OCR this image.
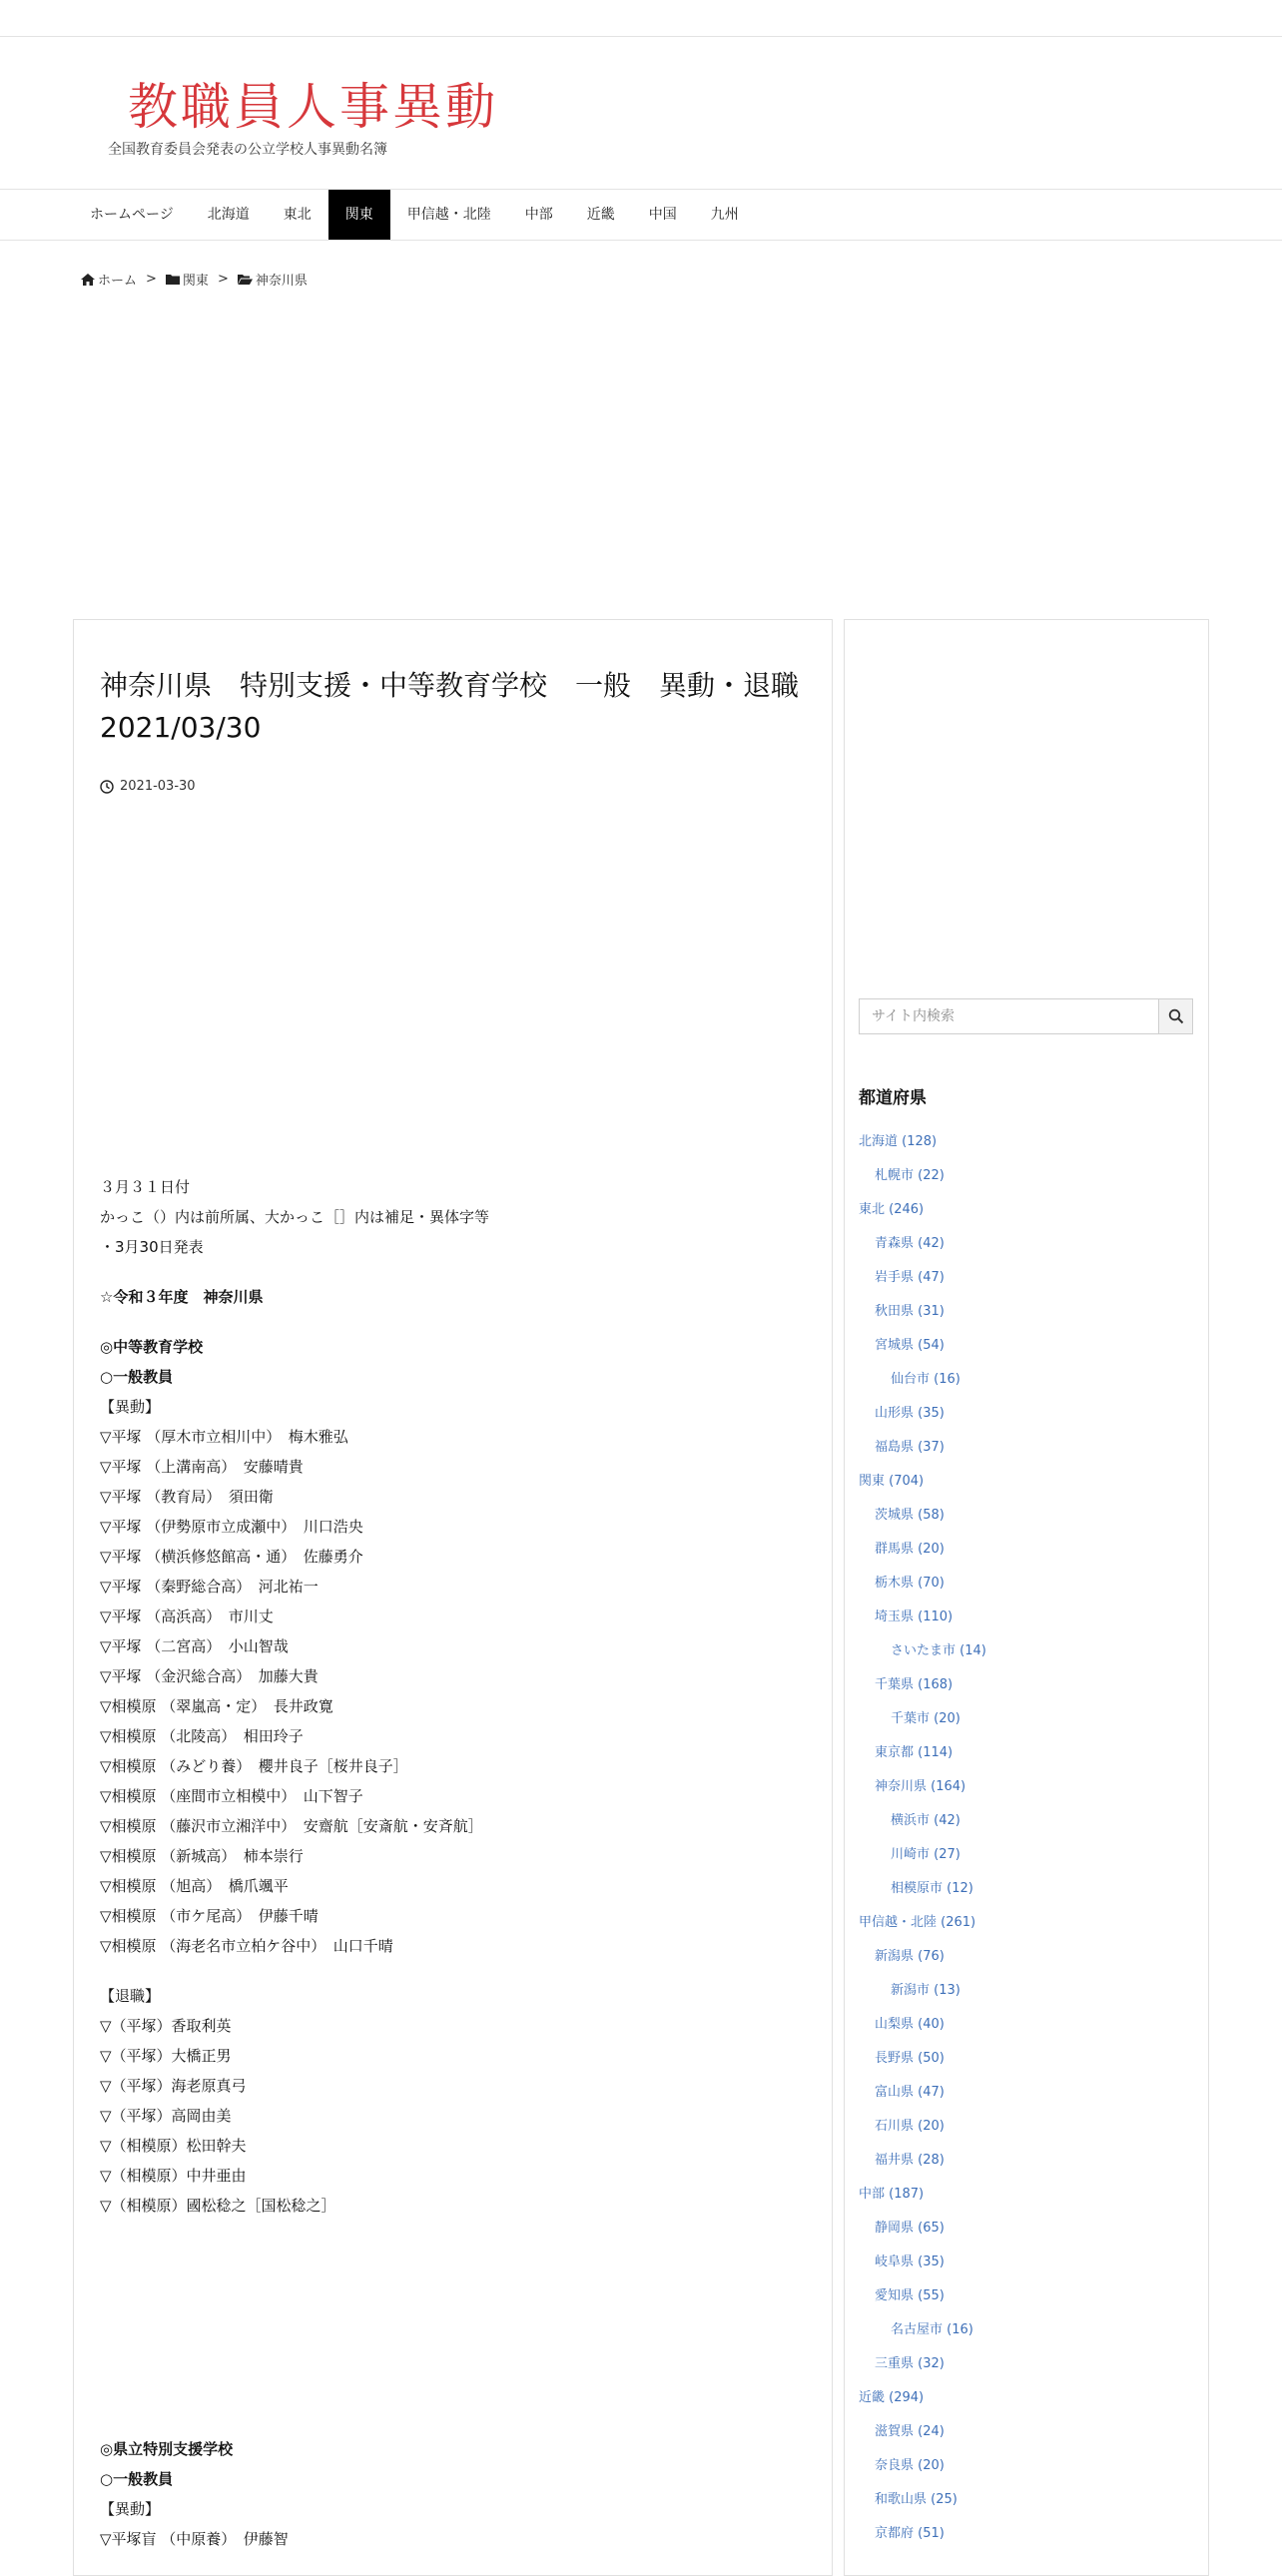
教職員人事異動
全国教育委員会発表の公立学校人事異動名簿
ホームページ	北海道	東北	関東	甲信越・北陸	中部	近畿	中国	九州
ホーム > 関東 > 神奈川県
神奈川県　特別支援・中等教育学校　一般　異動・退職　2021/03/30
2021-03-30

３月３１日付

かっこ（）内は前所属、大かっこ［］内は補足・異体字等

・3月30日発表

☆令和３年度　神奈川県

◎中等教育学校

○一般教員

【異動】

▽平塚 （厚木市立相川中）　梅木雅弘

▽平塚 （上溝南高）　安藤晴貴

▽平塚 （教育局）　須田衛

▽平塚 （伊勢原市立成瀬中）　川口浩央

▽平塚 （横浜修悠館高・通）　佐藤勇介

▽平塚 （秦野総合高）　河北祐一

▽平塚 （高浜高）　市川丈

▽平塚 （二宮高）　小山智哉

▽平塚 （金沢総合高）　加藤大貴

▽相模原 （翠嵐高・定）　長井政寛

▽相模原 （北陵高）　相田玲子

▽相模原 （みどり養）　櫻井良子［桜井良子］

▽相模原 （座間市立相模中）　山下智子

▽相模原 （藤沢市立湘洋中）　安齋航［安斎航・安斉航］

▽相模原 （新城高）　柿本崇行

▽相模原 （旭高）　橋爪颯平

▽相模原 （市ケ尾高）　伊藤千晴

▽相模原 （海老名市立柏ケ谷中）　山口千晴

【退職】

▽（平塚）香取利英

▽（平塚）大橋正男

▽（平塚）海老原真弓

▽（平塚）高岡由美

▽（相模原）松田幹夫

▽（相模原）中井亜由

▽（相模原）國松稔之［国松稔之］

◎県立特別支援学校

○一般教員

【異動】

▽平塚盲 （中原養）　伊藤智

サイト内検索
都道府県
北海道 (128)
札幌市 (22)
東北 (246)
青森県 (42)
岩手県 (47)
秋田県 (31)
宮城県 (54)
仙台市 (16)
山形県 (35)
福島県 (37)
関東 (704)
茨城県 (58)
群馬県 (20)
栃木県 (70)
埼玉県 (110)
さいたま市 (14)
千葉県 (168)
千葉市 (20)
東京都 (114)
神奈川県 (164)
横浜市 (42)
川崎市 (27)
相模原市 (12)
甲信越・北陸 (261)
新潟県 (76)
新潟市 (13)
山梨県 (40)
長野県 (50)
富山県 (47)
石川県 (20)
福井県 (28)
中部 (187)
静岡県 (65)
岐阜県 (35)
愛知県 (55)
名古屋市 (16)
三重県 (32)
近畿 (294)
滋賀県 (24)
奈良県 (20)
和歌山県 (25)
京都府 (51)
